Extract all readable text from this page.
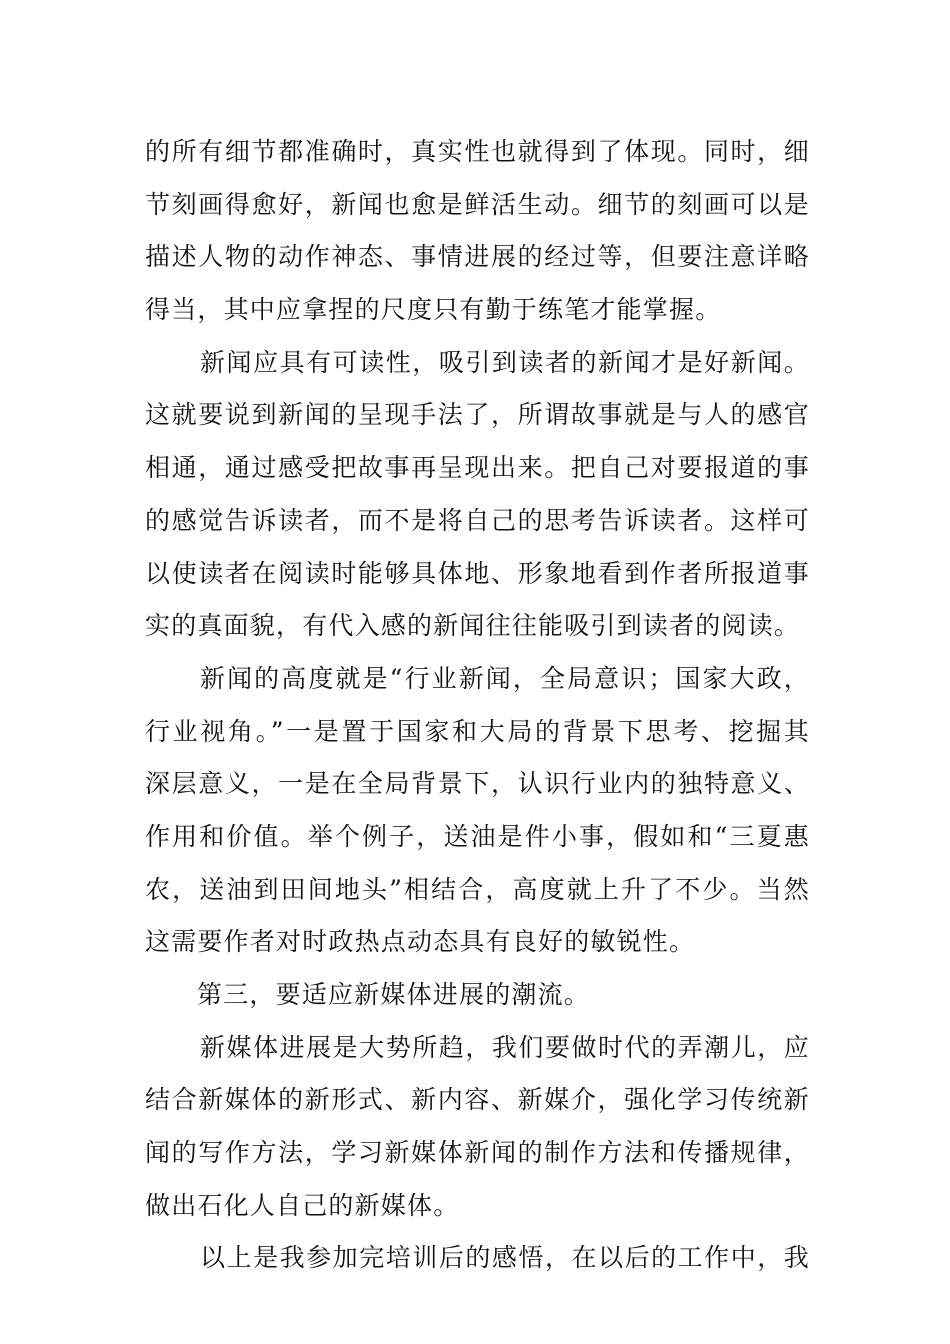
的所有细节都准确时，真实性也就得到了体现。同时，细
节刻画得愈好，新闻也愈是鲜活生动。细节的刻画可以是
描述人物的动作神态、事情进展的经过等，但要注意详略
得当，其中应拿捏的尺度只有勤于练笔才能掌握。
新闻应具有可读性，吸引到读者的新闻才是好新闻。
这就要说到新闻的呈现手法了，所谓故事就是与人的感官
相通，通过感受把故事再呈现出来。把自己对要报道的事
的感觉告诉读者，而不是将自己的思考告诉读者。这样可
以使读者在阅读时能够具体地、形象地看到作者所报道事
实的真面貌，有代入感的新闻往往能吸引到读者的阅读。
新闻的高度就是“行业新闻，全局意识；国家大政，
行业视角。”一是置于国家和大局的背景下思考、挖掘其
深层意义，一是在全局背景下，认识行业内的独特意义、
作用和价值。举个例子，送油是件小事，假如和“三夏惠
农，送油到田间地头”相结合，高度就上升了不少。当然
这需要作者对时政热点动态具有良好的敏锐性。
第三，要适应新媒体进展的潮流。
新媒体进展是大势所趋，我们要做时代的弄潮儿，应
结合新媒体的新形式、新内容、新媒介，强化学习传统新
闻的写作方法，学习新媒体新闻的制作方法和传播规律，
做出石化人自己的新媒体。
以上是我参加完培训后的感悟，在以后的工作中，我
